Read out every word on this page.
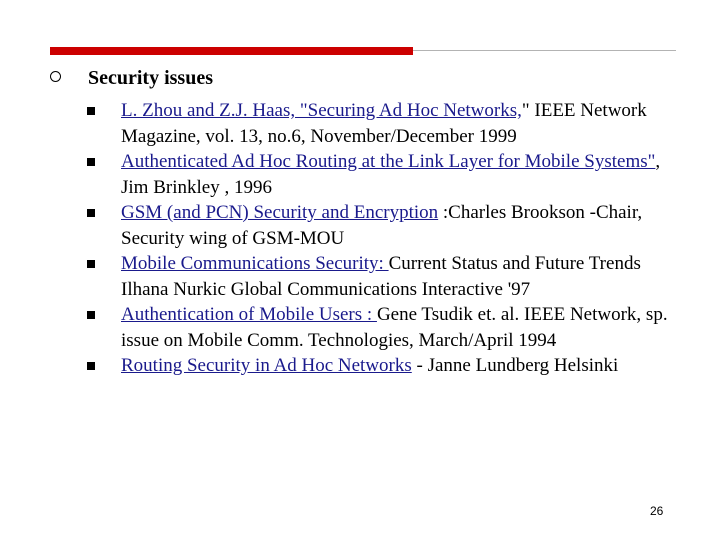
Security issues
L. Zhou and Z.J. Haas, "Securing Ad Hoc Networks," IEEE Network Magazine, vol. 13, no.6, November/December 1999
Authenticated Ad Hoc Routing at the Link Layer for Mobile Systems", Jim Brinkley , 1996
GSM (and PCN) Security and Encryption :Charles Brookson -Chair, Security wing of GSM-MOU
Mobile Communications Security: Current Status and Future Trends Ilhana Nurkic Global Communications Interactive '97
Authentication of Mobile Users : Gene Tsudik et. al. IEEE Network, sp. issue on Mobile Comm. Technologies, March/April 1994
Routing Security in Ad Hoc Networks - Janne Lundberg Helsinki
26
